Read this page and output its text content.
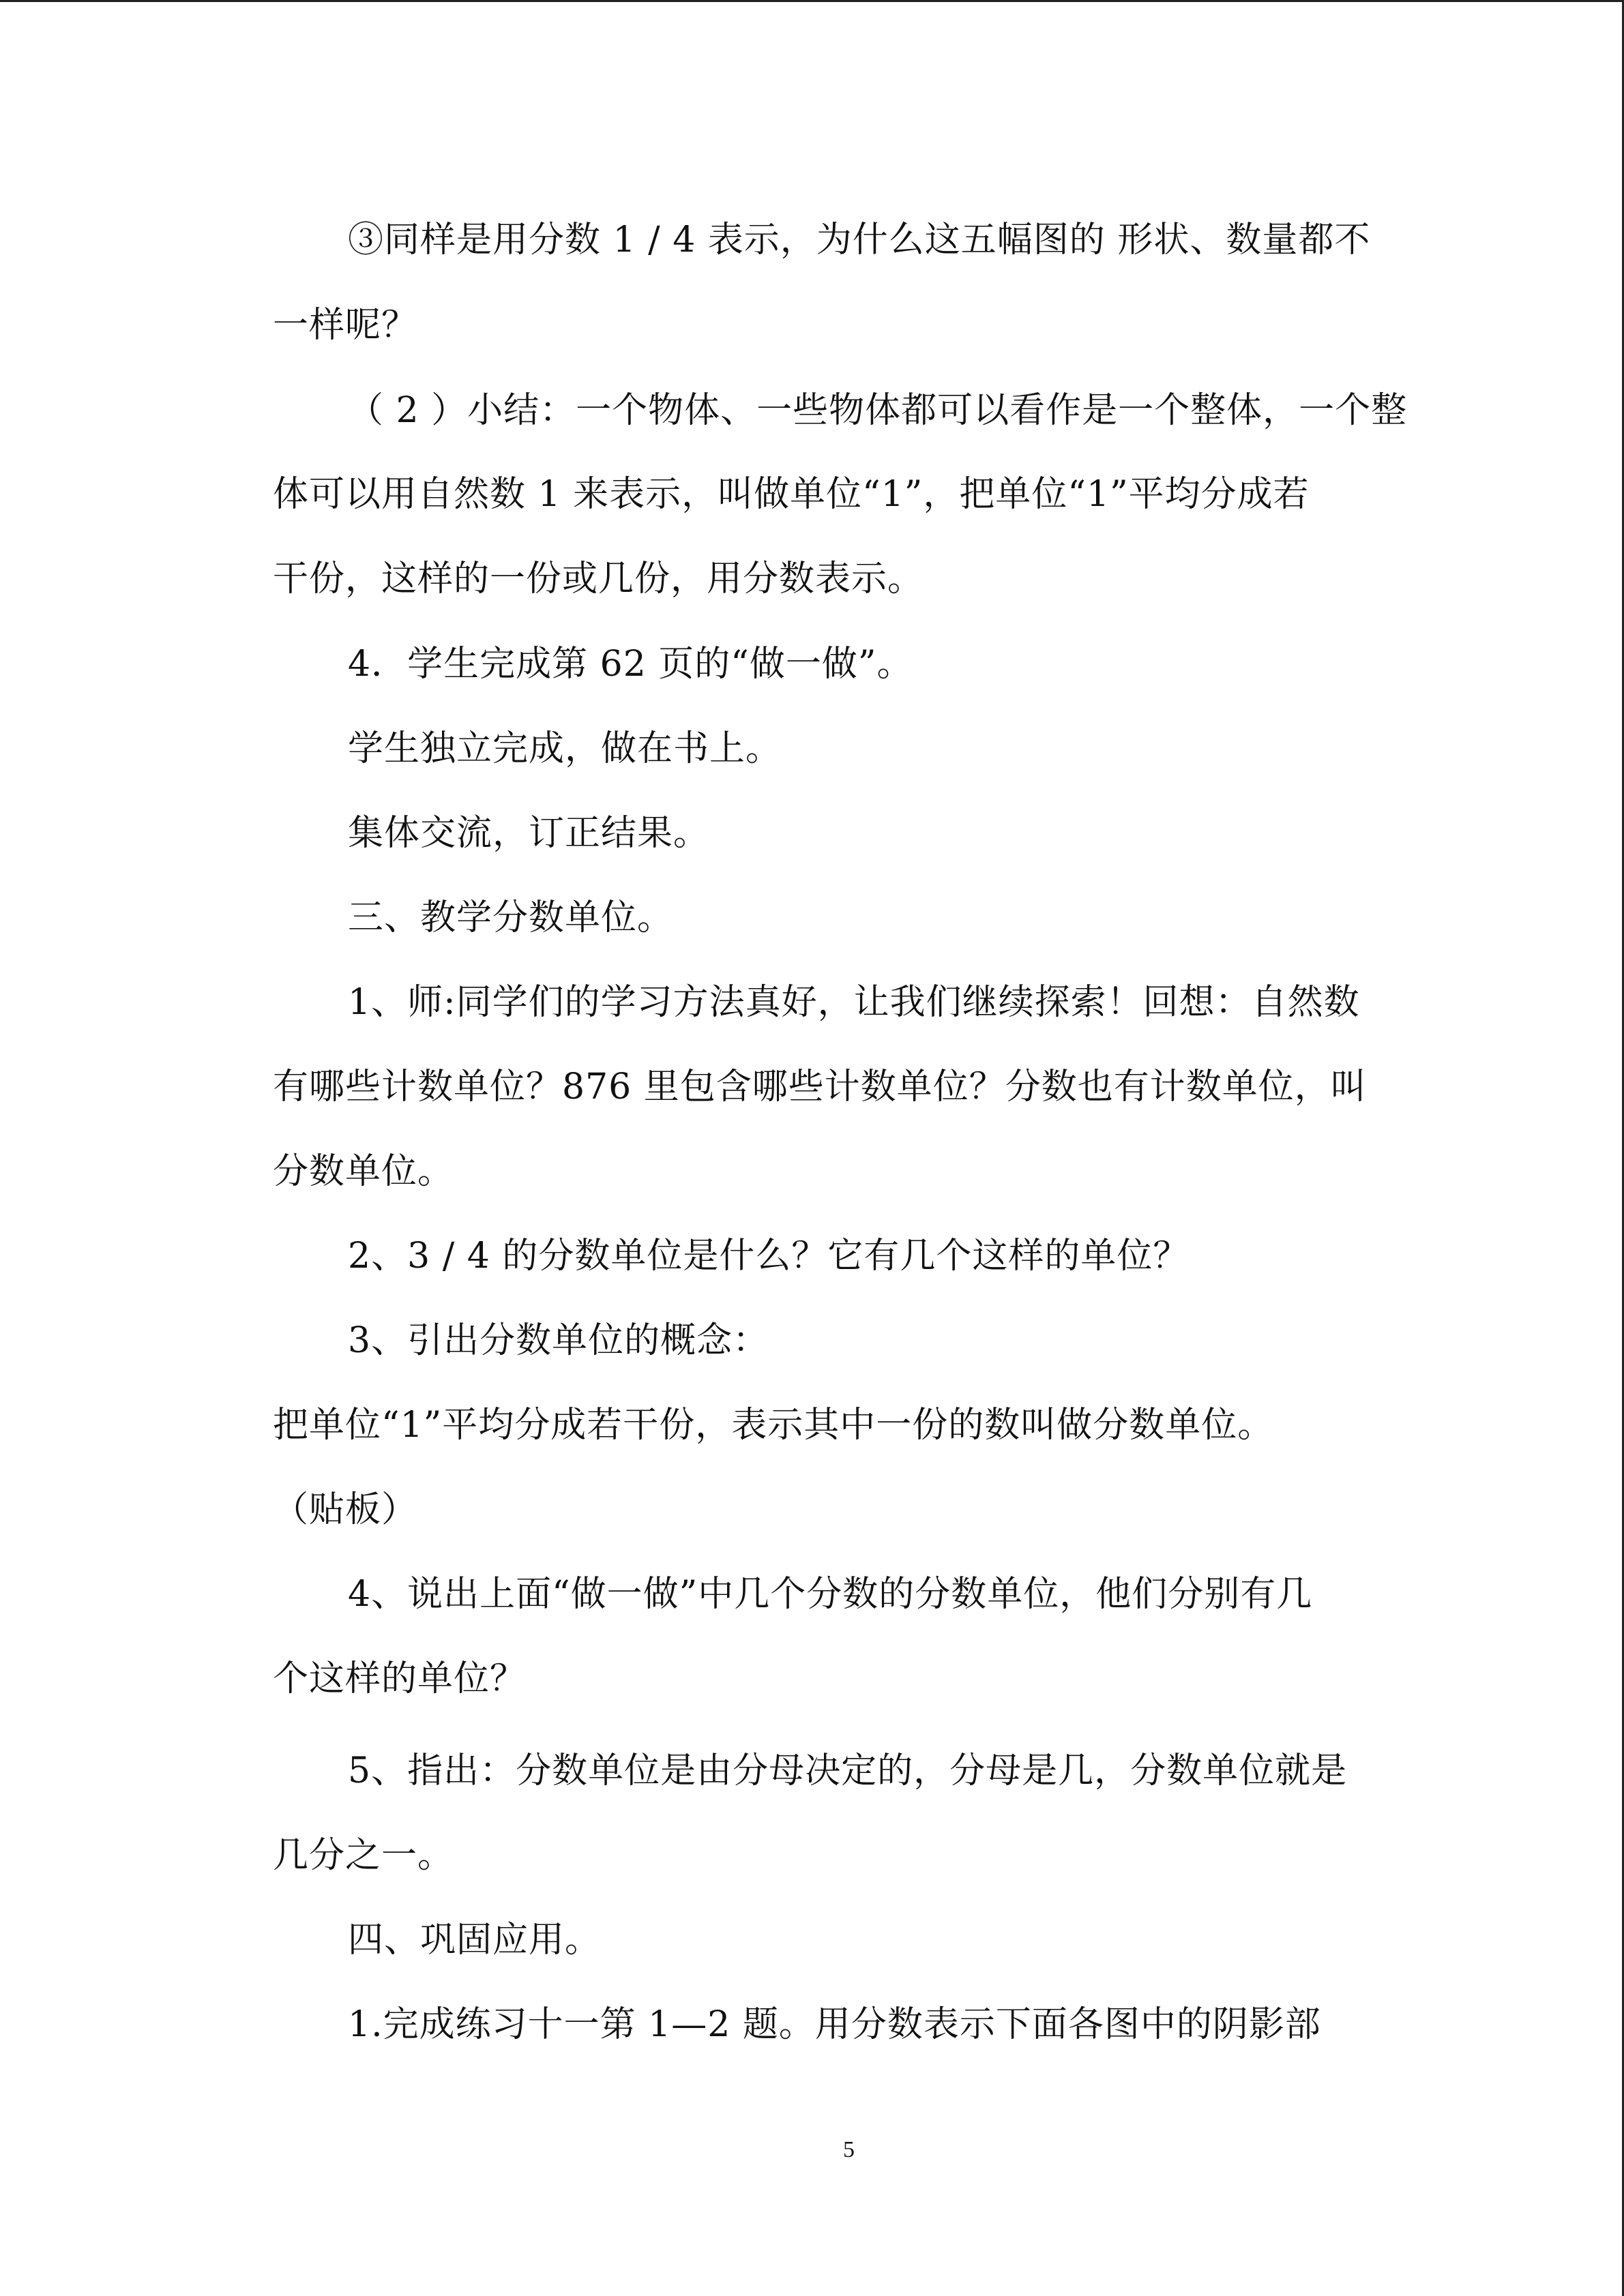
③同样是用分数 1 / 4 表示，为什么这五幅图的 形状、数量都不
一样呢？
（ 2 ）小结：一个物体、一些物体都可以看作是一个整体，一个整
体可以用自然数 1 来表示，叫做单位“1”，把单位“1”平均分成若
干份，这样的一份或几份，用分数表示。
4．学生完成第 62 页的“做一做”。
学生独立完成，做在书上。
集体交流，订正结果。
三、教学分数单位。
1、师:同学们的学习方法真好，让我们继续探索！回想：自然数
有哪些计数单位？876 里包含哪些计数单位？分数也有计数单位，叫
分数单位。
2、3 / 4 的分数单位是什么？它有几个这样的单位？
3、引出分数单位的概念：
把单位“1”平均分成若干份，表示其中一份的数叫做分数单位。
（贴板）
4、说出上面“做一做”中几个分数的分数单位，他们分别有几
个这样的单位？
5、指出：分数单位是由分母决定的，分母是几，分数单位就是
几分之一。
四、巩固应用。
1.完成练习十一第 1—2 题。用分数表示下面各图中的阴影部
5
